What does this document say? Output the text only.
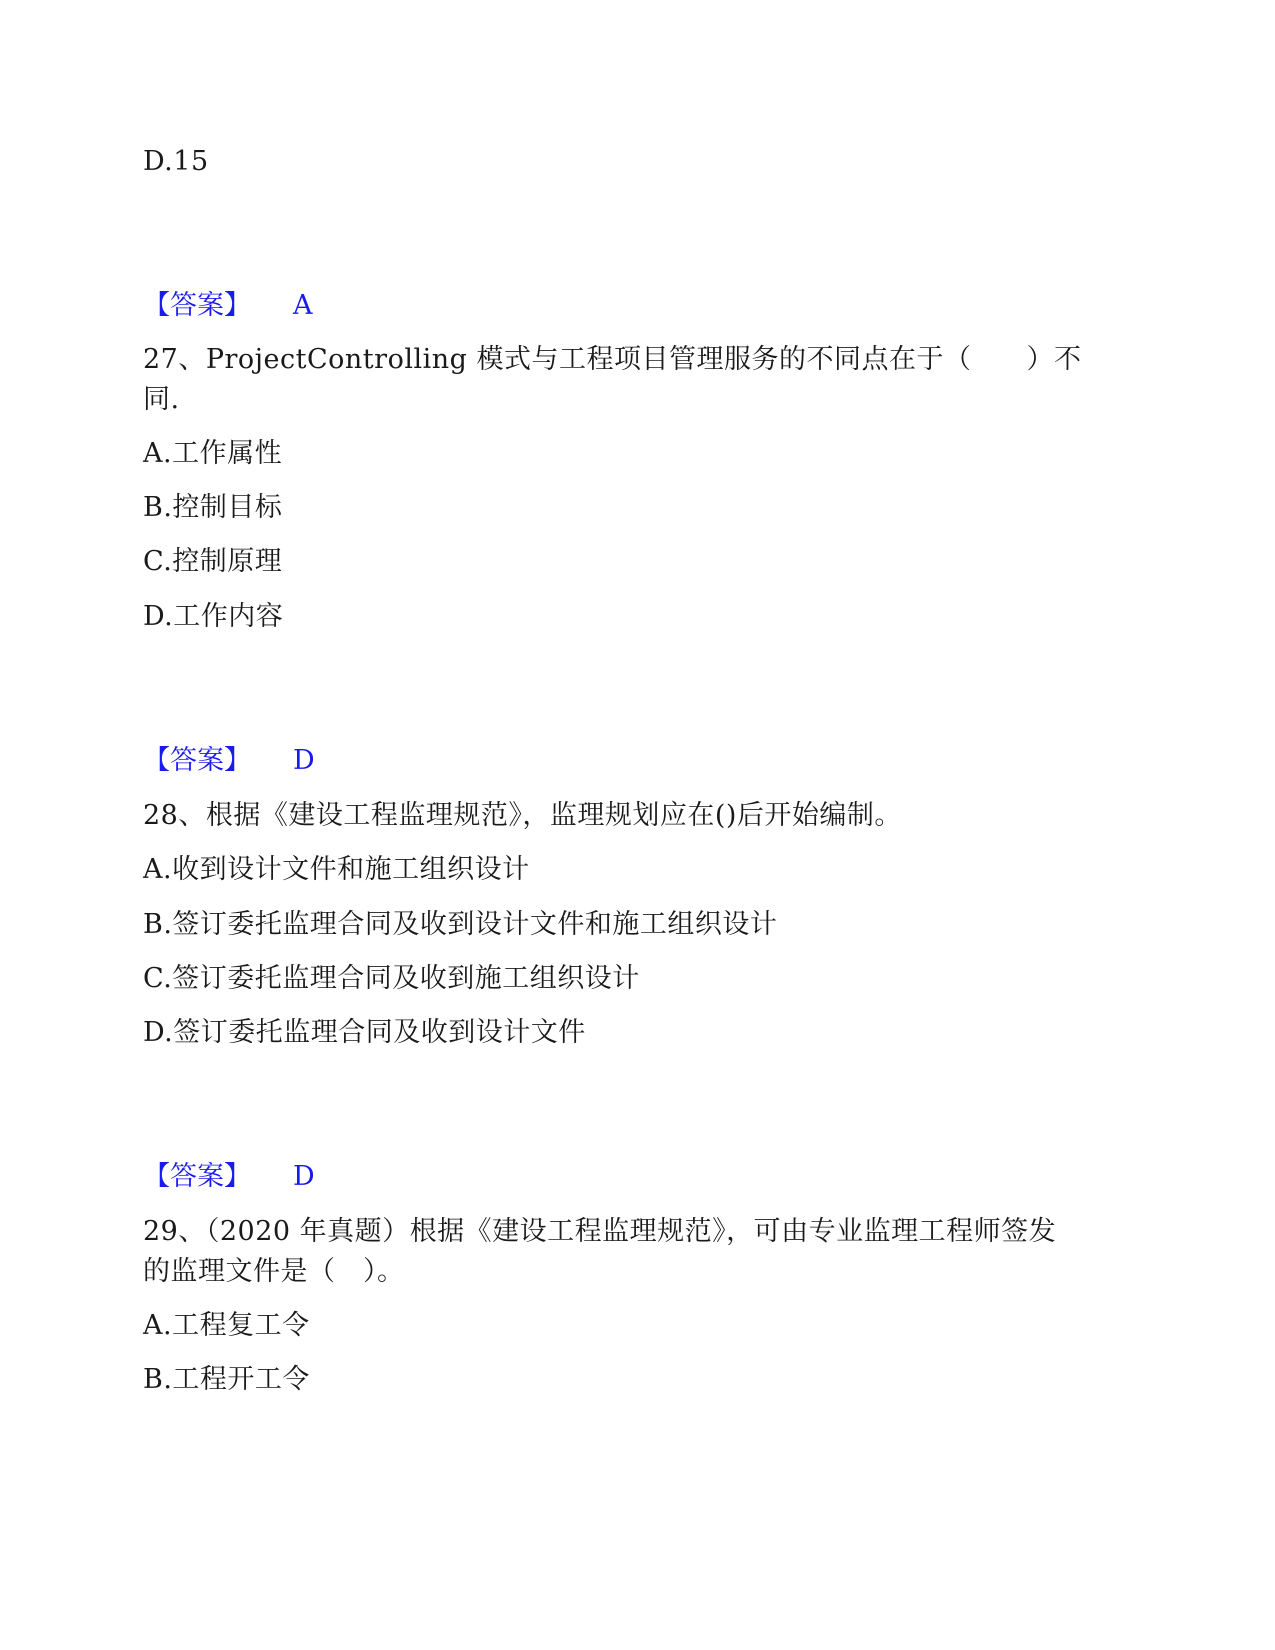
D.15
【答案】 A
27、ProjectControlling 模式与工程项目管理服务的不同点在于（　　）不
同.
A.工作属性
B.控制目标
C.控制原理
D.工作内容
【答案】 D
28、根据《建设工程监理规范》，监理规划应在()后开始编制。
A.收到设计文件和施工组织设计
B.签订委托监理合同及收到设计文件和施工组织设计
C.签订委托监理合同及收到施工组织设计
D.签订委托监理合同及收到设计文件
【答案】 D
29、（2020 年真题）根据《建设工程监理规范》，可由专业监理工程师签发
的监理文件是（　）。
A.工程复工令
B.工程开工令
